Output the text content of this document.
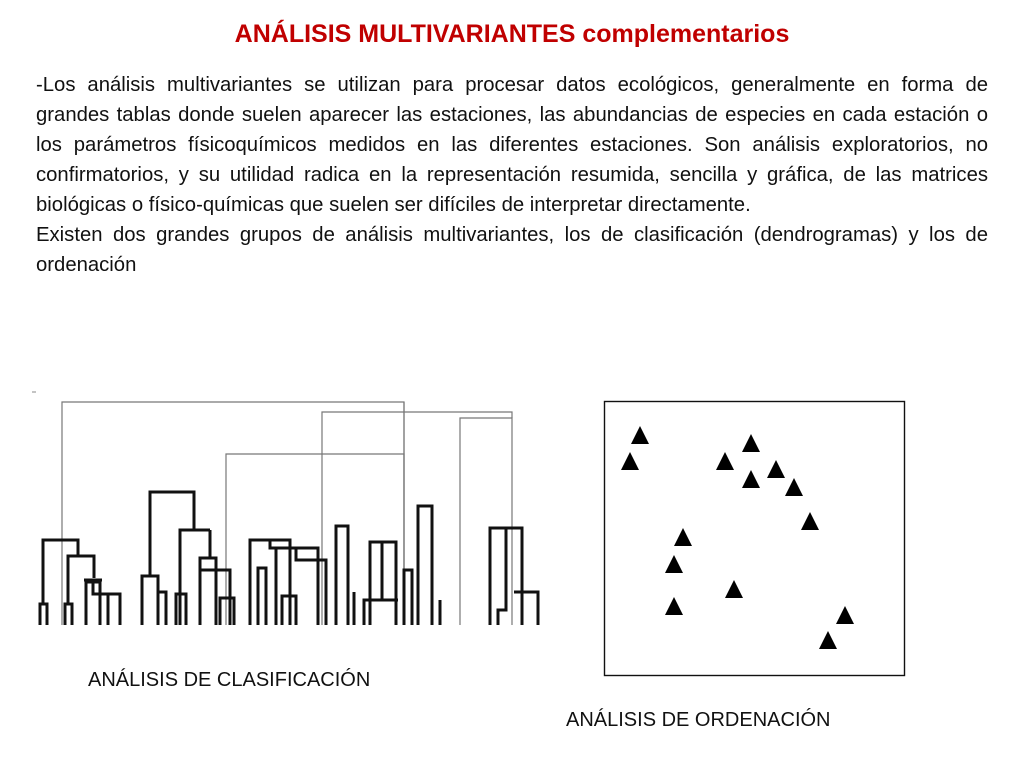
ANÁLISIS MULTIVARIANTES complementarios

-Los análisis multivariantes se utilizan para procesar datos ecológicos, generalmente en forma de grandes tablas donde suelen aparecer las estaciones, las abundancias de especies en cada estación o los parámetros físicoquímicos medidos en las diferentes estaciones. Son análisis exploratorios, no confirmatorios, y su utilidad radica en la representación resumida, sencilla y gráfica, de las matrices biológicas o físico-químicas que suelen ser difíciles de interpretar directamente.

Existen dos grandes grupos de análisis multivariantes, los de clasificación (dendrogramas) y los de ordenación

ANÁLISIS DE CLASIFICACIÓN
ANÁLISIS DE ORDENACIÓN
